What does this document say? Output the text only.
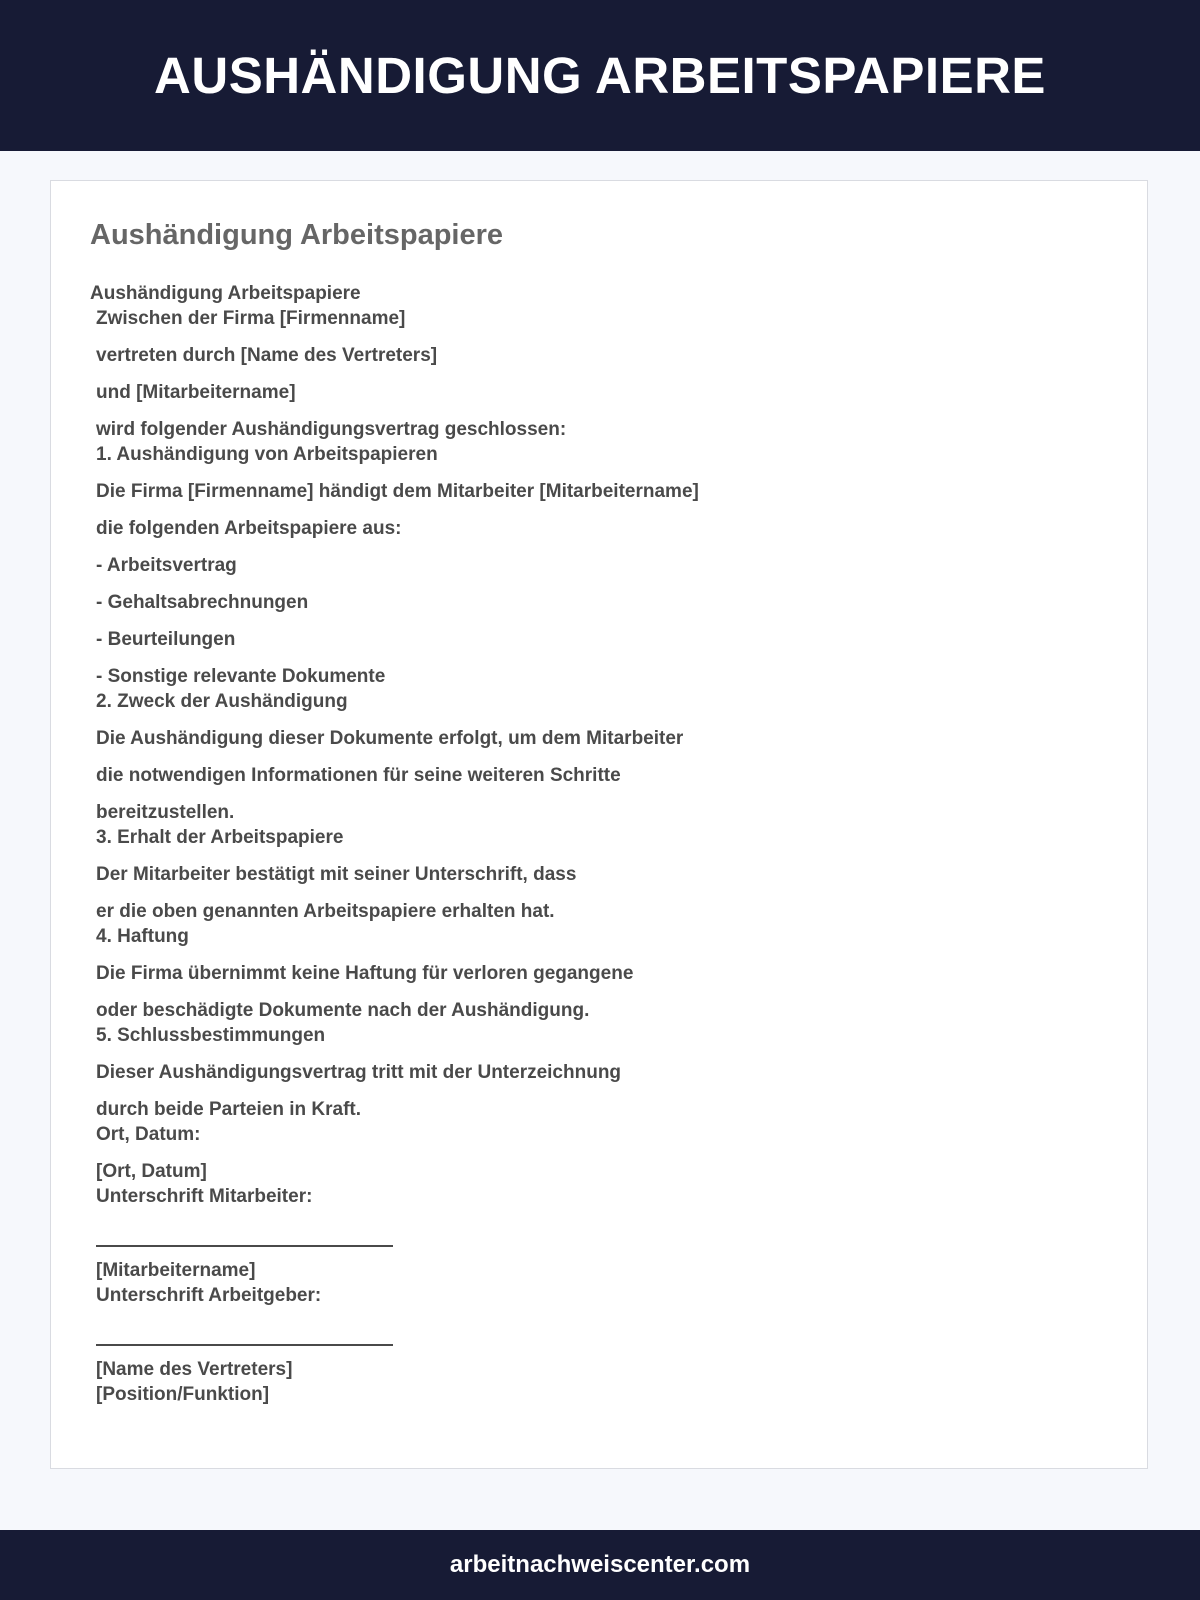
AUSHÄNDIGUNG ARBEITSPAPIERE
Aushändigung Arbeitspapiere
Aushändigung Arbeitspapiere
Zwischen der Firma [Firmenname]
vertreten durch [Name des Vertreters]
und [Mitarbeitername]
wird folgender Aushändigungsvertrag geschlossen:
1. Aushändigung von Arbeitspapieren
Die Firma [Firmenname] händigt dem Mitarbeiter [Mitarbeitername]
die folgenden Arbeitspapiere aus:
- Arbeitsvertrag
- Gehaltsabrechnungen
- Beurteilungen
- Sonstige relevante Dokumente
2. Zweck der Aushändigung
Die Aushändigung dieser Dokumente erfolgt, um dem Mitarbeiter
die notwendigen Informationen für seine weiteren Schritte
bereitzustellen.
3. Erhalt der Arbeitspapiere
Der Mitarbeiter bestätigt mit seiner Unterschrift, dass
er die oben genannten Arbeitspapiere erhalten hat.
4. Haftung
Die Firma übernimmt keine Haftung für verloren gegangene
oder beschädigte Dokumente nach der Aushändigung.
5. Schlussbestimmungen
Dieser Aushändigungsvertrag tritt mit der Unterzeichnung
durch beide Parteien in Kraft.
Ort, Datum:
[Ort, Datum]
Unterschrift Mitarbeiter:
[Mitarbeitername]
Unterschrift Arbeitgeber:
[Name des Vertreters]
[Position/Funktion]
arbeitnachweiscenter.com
